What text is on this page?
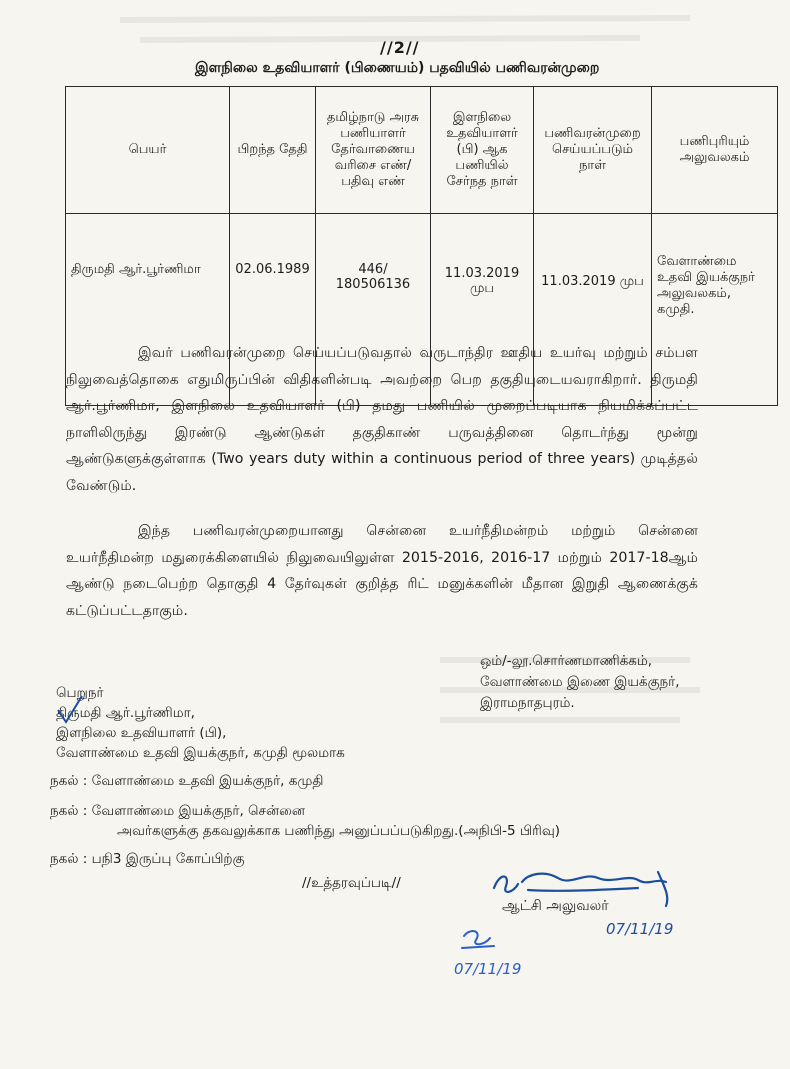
//2//
இளநிலை உதவியாளர் (பிணையம்) பதவியில் பணிவரன்முறை
பெயர்	பிறந்த தேதி	தமிழ்நாடு அரசு பணியாளர் தேர்வாணைய வரிசை எண்/பதிவு எண்	இளநிலை உதவியாளர் (பி) ஆக பணியில் சேர்நத நாள்	பணிவரன்முறை செய்யப்படும் நாள்	பணிபுரியும் அலுவலகம்
திருமதி ஆர்.பூர்ணிமா	02.06.1989	446/ 180506136	11.03.2019 முப	11.03.2019 முப	வேளாண்மை உதவி இயக்குநர் அலுவலகம், கமுதி.
இவர் பணிவரன்முறை செய்யப்படுவதால் வருடாந்திர ஊதிய உயர்வு மற்றும் சம்பள நிலுவைத்தொகை எதுமிருப்பின் விதிகளின்படி அவற்றை பெற தகுதியுடையவராகிறார். திருமதி ஆர்.பூர்ணிமா, இளநிலை உதவியாளர் (பி) தமது பணியில் முறைப்படியாக நியமிக்கப்பட்ட நாளிலிருந்து இரண்டு ஆண்டுகள் தகுதிகாண் பருவத்தினை தொடர்ந்து மூன்று ஆண்டுகளுக்குள்ளாக (Two years duty within a continuous period of three years) முடித்தல் வேண்டும்.
இந்த பணிவரன்முறையானது சென்னை உயர்நீதிமன்றம் மற்றும் சென்னை உயர்நீதிமன்ற மதுரைக்கிளையில் நிலுவையிலுள்ள 2015-2016, 2016-17 மற்றும் 2017-18ஆம் ஆண்டு நடைபெற்ற தொகுதி 4 தேர்வுகள் குறித்த ரிட் மனுக்களின் மீதான இறுதி ஆணைக்குக் கட்டுப்பட்டதாகும்.
ஒம்/-லூ.சொர்ணமாணிக்கம்,
வேளாண்மை இணை இயக்குநர்,
இராமநாதபுரம்.
பெறுநர்
திருமதி ஆர்.பூர்ணிமா,
இளநிலை உதவியாளர் (பி),
வேளாண்மை உதவி இயக்குநர், கமுதி மூலமாக
நகல் : வேளாண்மை உதவி இயக்குநர், கமுதி
நகல் : வேளாண்மை இயக்குநர், சென்னை
அவர்களுக்கு தகவலுக்காக பணிந்து அனுப்பப்படுகிறது.(அநிபி-5 பிரிவு)
நகல் : பநி3 இருப்பு கோப்பிற்கு
//உத்தரவுப்படி//
ஆட்சி அலுவலர்
07/11/19
07/11/19
